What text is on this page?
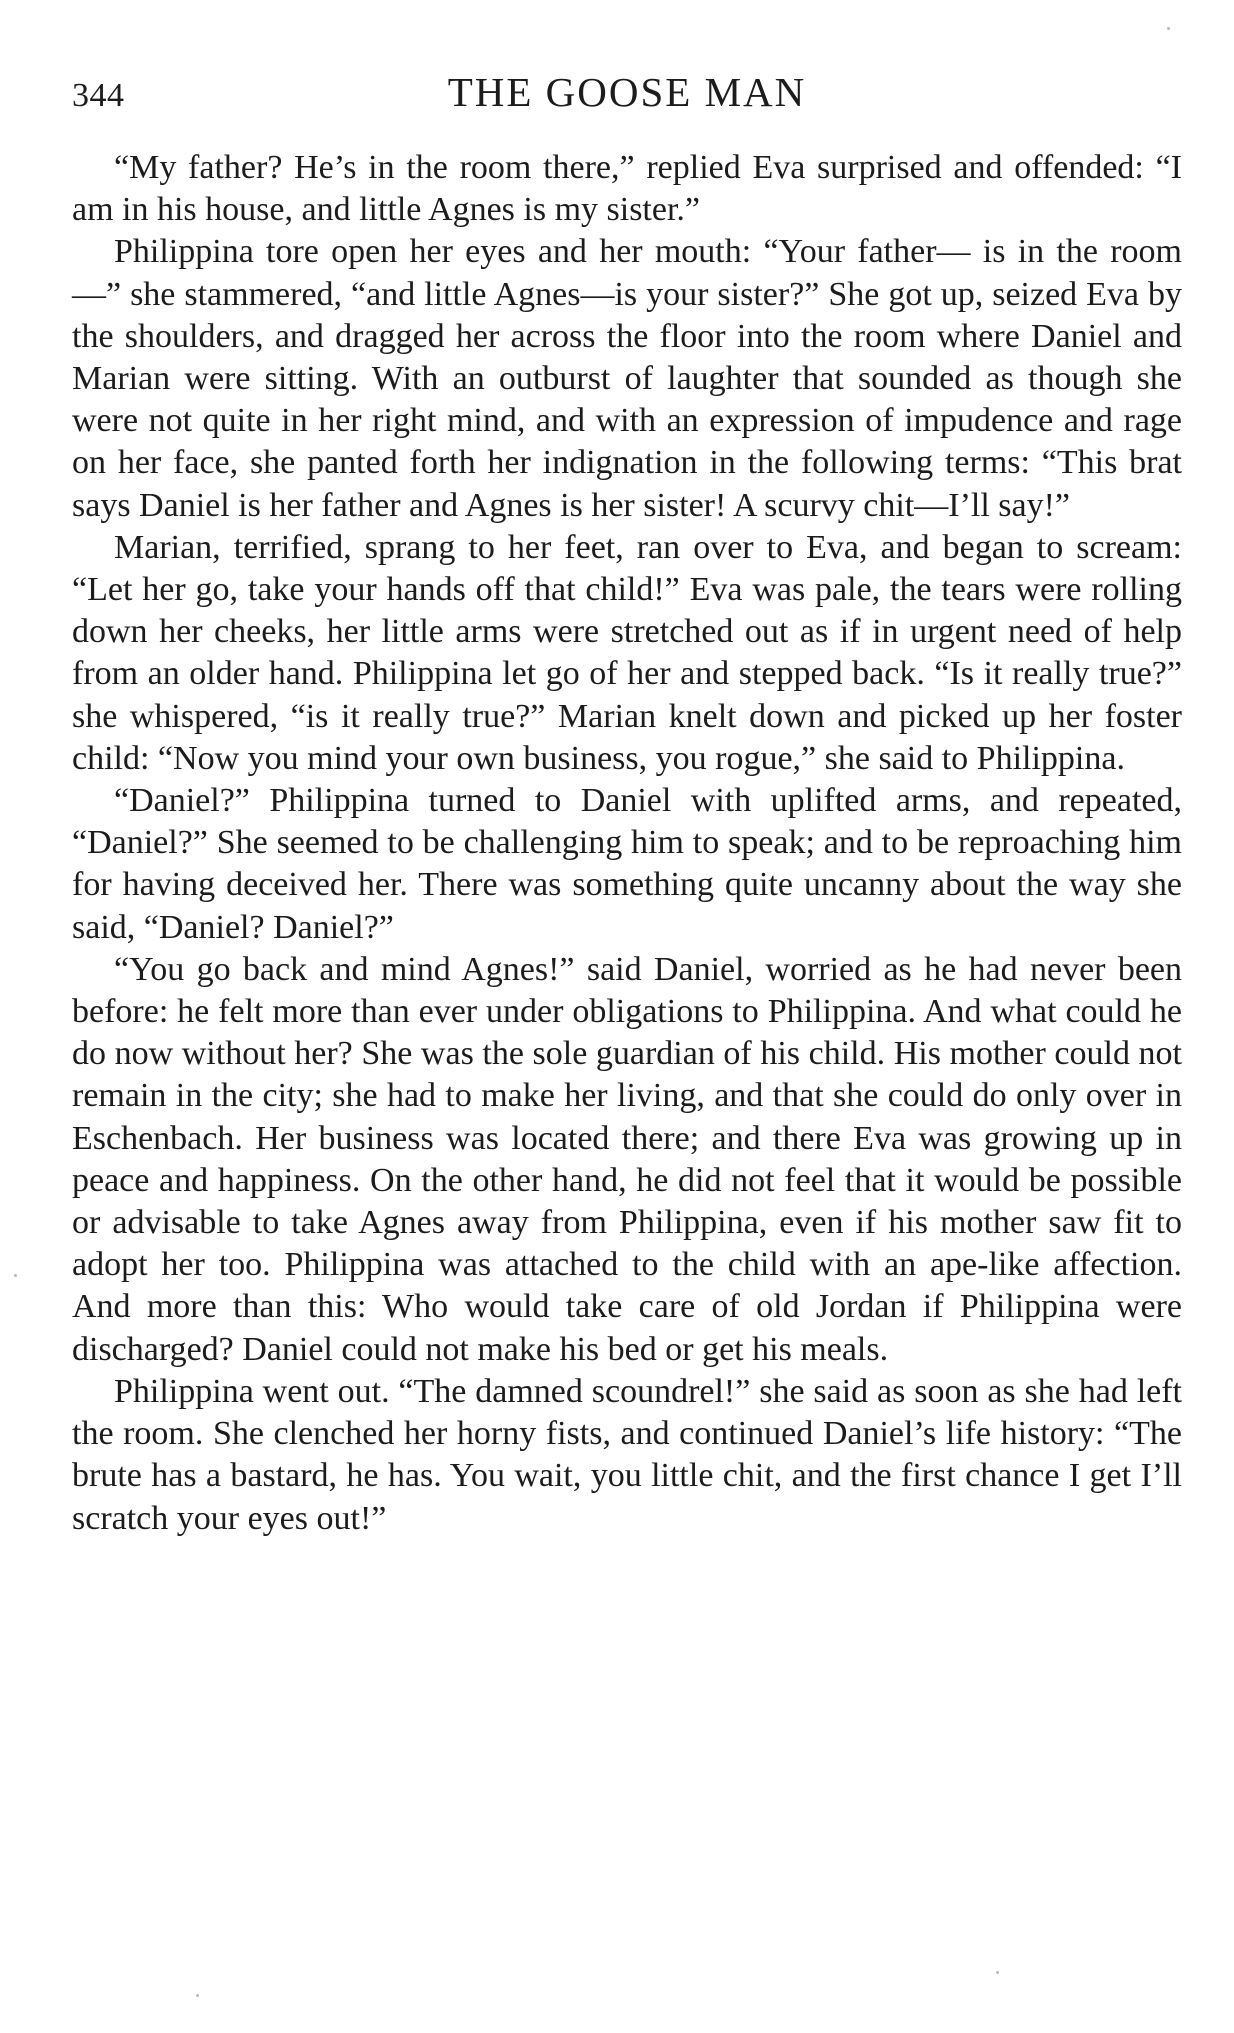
344	THE GOOSE MAN

“My father? He’s in the room there,” replied Eva surprised and offended: “I am in his house, and little Agnes is my sister.”

Philippina tore open her eyes and her mouth: “Your father— is in the room—” she stammered, “and little Agnes—is your sister?” She got up, seized Eva by the shoulders, and dragged her across the floor into the room where Daniel and Marian were sitting. With an outburst of laughter that sounded as though she were not quite in her right mind, and with an expression of impudence and rage on her face, she panted forth her indignation in the following terms: “This brat says Daniel is her father and Agnes is her sister! A scurvy chit—I’ll say!”

Marian, terrified, sprang to her feet, ran over to Eva, and began to scream: “Let her go, take your hands off that child!” Eva was pale, the tears were rolling down her cheeks, her little arms were stretched out as if in urgent need of help from an older hand. Philippina let go of her and stepped back. “Is it really true?” she whispered, “is it really true?” Marian knelt down and picked up her foster child: “Now you mind your own business, you rogue,” she said to Philippina.

“Daniel?” Philippina turned to Daniel with uplifted arms, and repeated, “Daniel?” She seemed to be challenging him to speak; and to be reproaching him for having deceived her. There was something quite uncanny about the way she said, “Daniel? Daniel?”

“You go back and mind Agnes!” said Daniel, worried as he had never been before: he felt more than ever under obligations to Philippina. And what could he do now without her? She was the sole guardian of his child. His mother could not remain in the city; she had to make her living, and that she could do only over in Eschenbach. Her business was located there; and there Eva was growing up in peace and happiness. On the other hand, he did not feel that it would be possible or advisable to take Agnes away from Philippina, even if his mother saw fit to adopt her too. Philippina was attached to the child with an ape-like affection. And more than this: Who would take care of old Jordan if Philippina were discharged? Daniel could not make his bed or get his meals.

Philippina went out. “The damned scoundrel!” she said as soon as she had left the room. She clenched her horny fists, and continued Daniel’s life history: “The brute has a bastard, he has. You wait, you little chit, and the first chance I get I’ll scratch your eyes out!”
